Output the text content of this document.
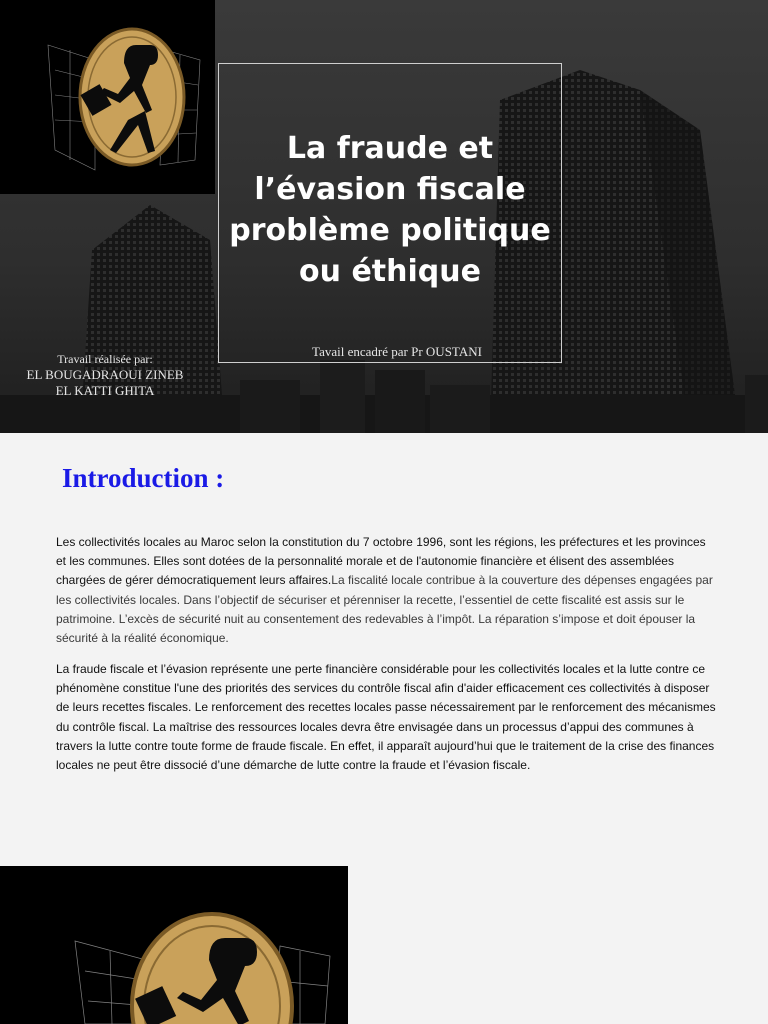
La fraude et l’évasion fiscale problème politique ou éthique
Tavail encadré par Pr OUSTANI
Travail réalisée par:
EL BOUGADRAOUI ZINEB
EL KATTI GHITA
Introduction :
Les collectivités locales au Maroc selon la constitution du 7 octobre 1996, sont les régions, les préfectures et les provinces et les communes. Elles sont dotées de la personnalité morale et de l'autonomie financière et élisent des assemblées chargées de gérer démocratiquement leurs affaires.La fiscalité locale contribue à la couverture des dépenses engagées par les collectivités locales. Dans l’objectif de sécuriser et pérenniser la recette, l’essentiel de cette fiscalité est assis sur le patrimoine. L’excès de sécurité nuit au consentement des redevables à l’impôt. La réparation s’impose et doit épouser la sécurité à la réalité économique.
La fraude fiscale et l’évasion représente une perte financière considérable pour les collectivités locales et la lutte contre ce phénomène constitue l'une des priorités des services du contrôle fiscal afin d'aider efficacement ces collectivités à disposer de leurs recettes fiscales. Le renforcement des recettes locales passe nécessairement par le renforcement des mécanismes du contrôle fiscal. La maîtrise des ressources locales devra être envisagée dans un processus d’appui des communes à travers la lutte contre toute forme de fraude fiscale. En effet, il apparaît aujourd’hui que le traitement de la crise des finances locales ne peut être dissocié d’une démarche de lutte contre la fraude et l’évasion fiscale.
